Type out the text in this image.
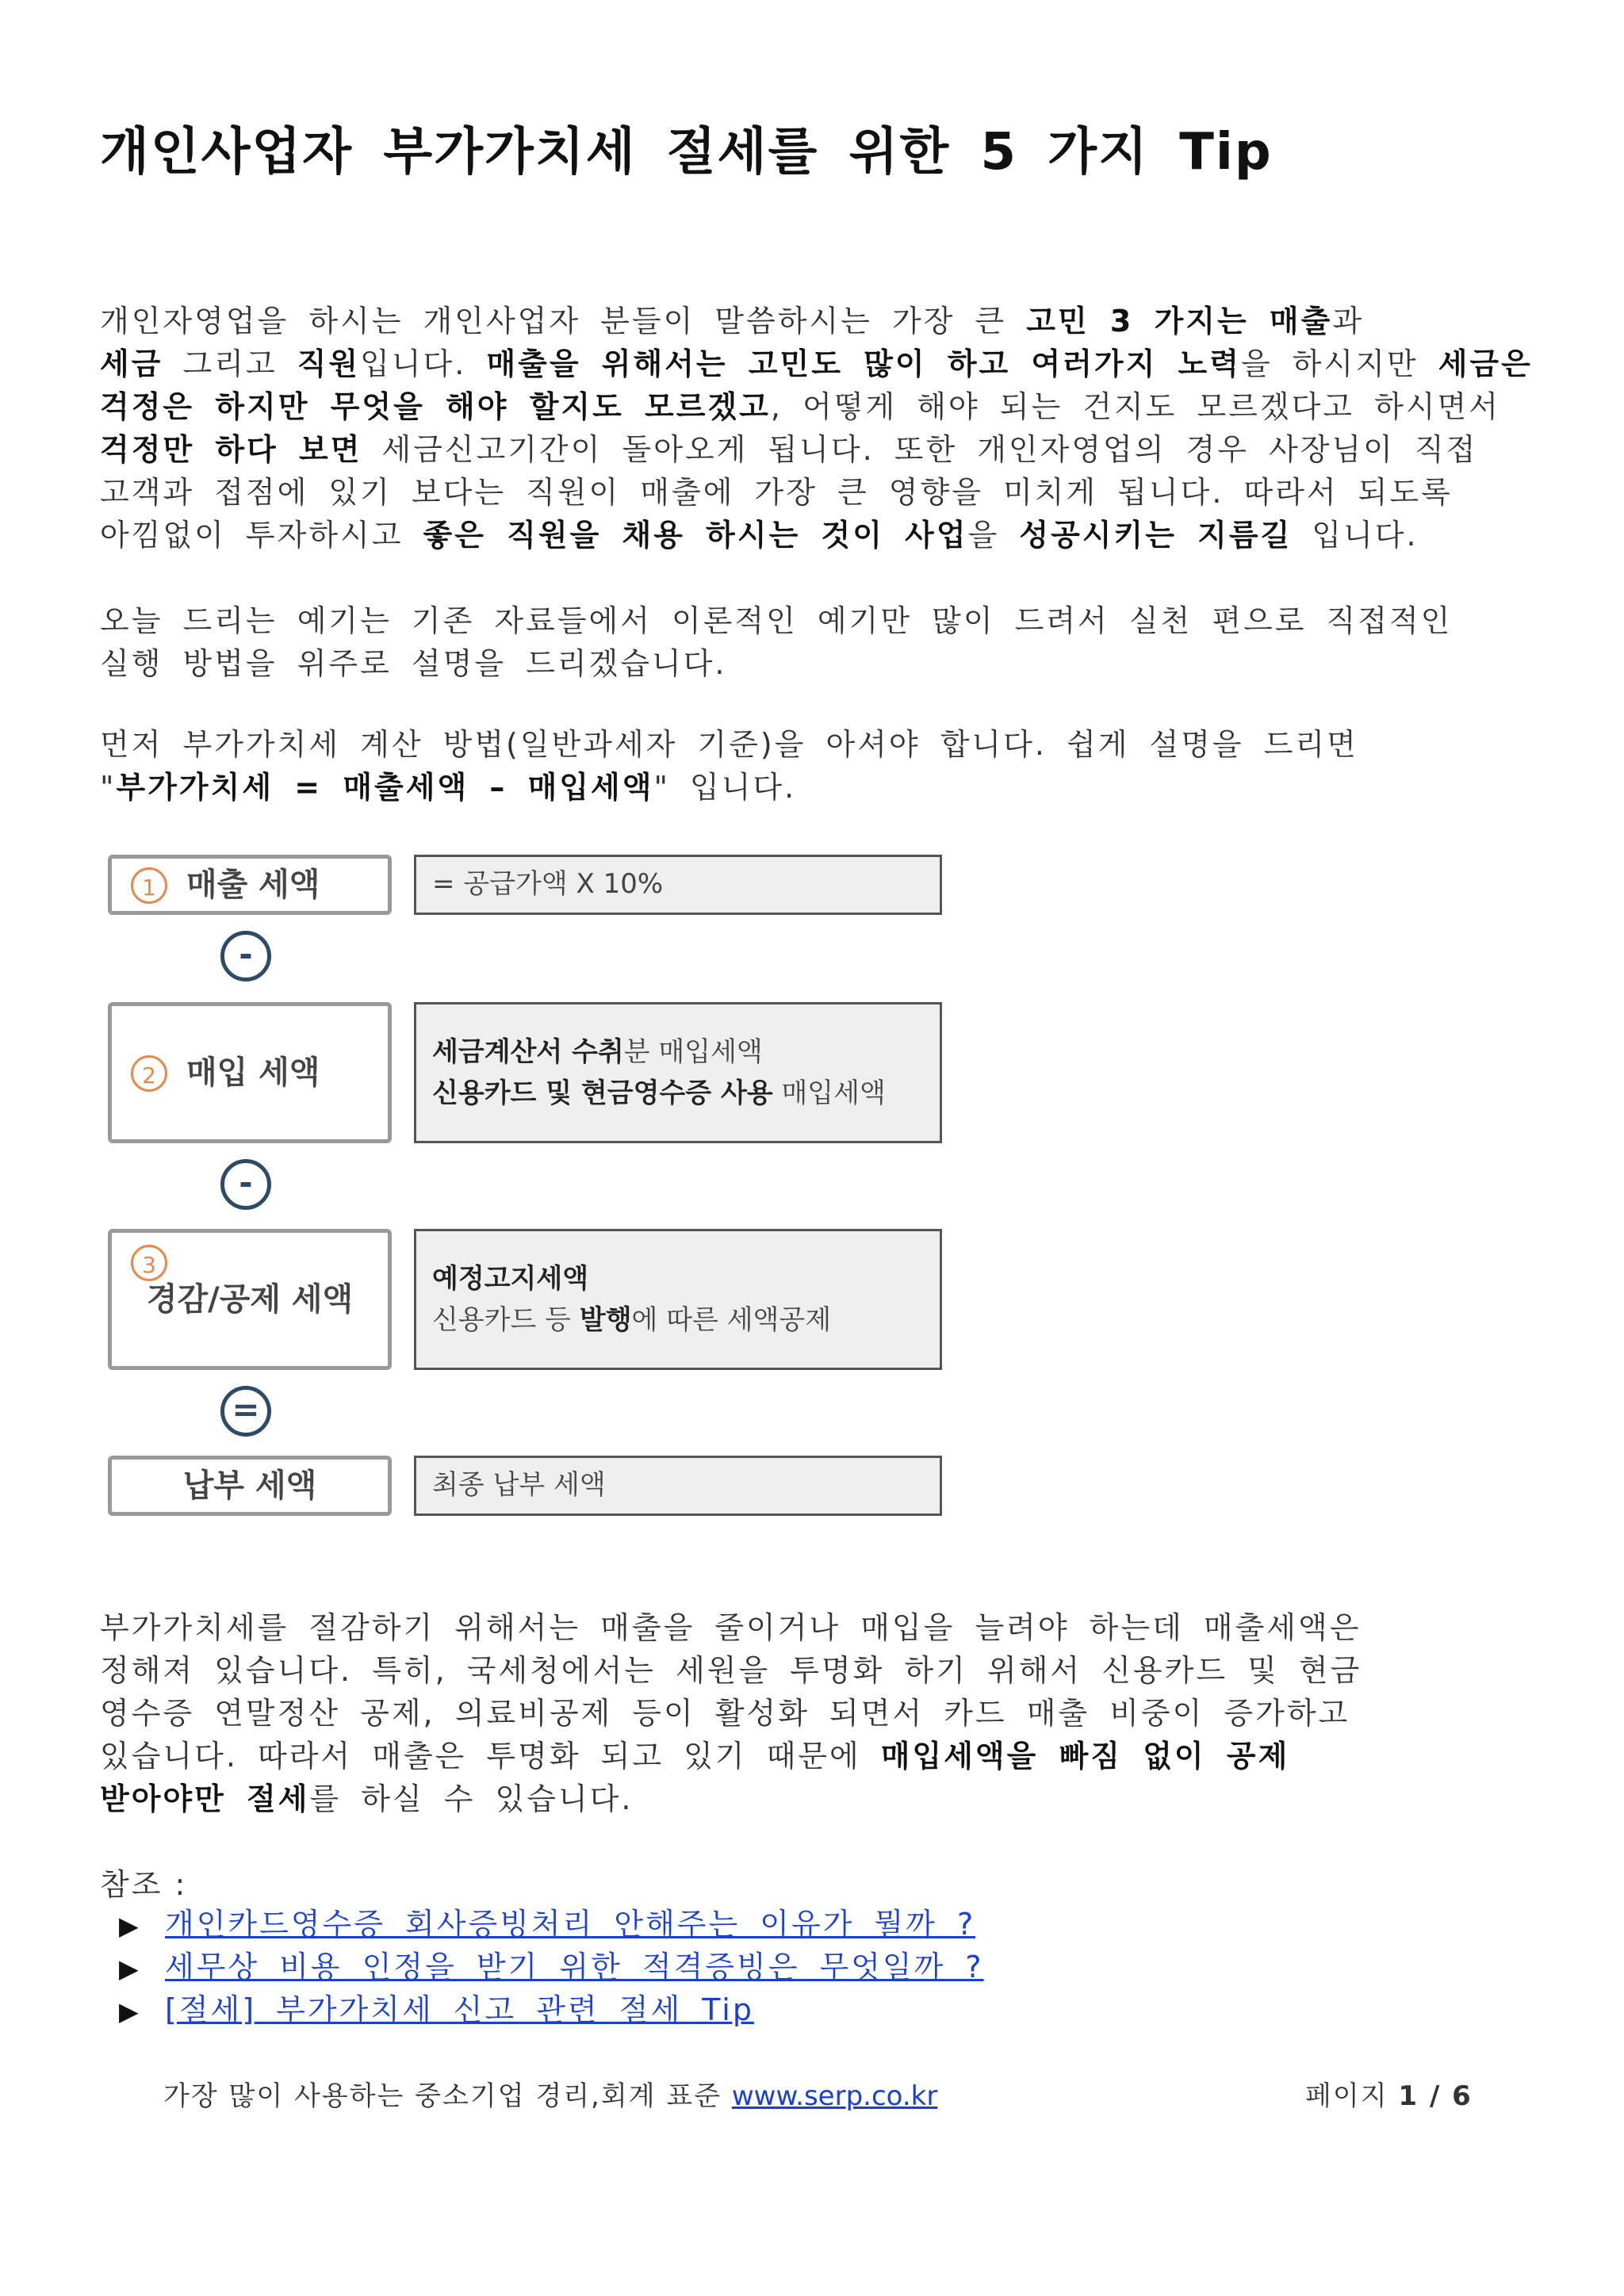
개인사업자 부가가치세 절세를 위한 5 가지 Tip
개인자영업을 하시는 개인사업자 분들이 말씀하시는 가장 큰 고민 3 가지는 매출과
세금 그리고 직원입니다. 매출을 위해서는 고민도 많이 하고 여러가지 노력을 하시지만 세금은
걱정은 하지만 무엇을 해야 할지도 모르겠고, 어떻게 해야 되는 건지도 모르겠다고 하시면서
걱정만 하다 보면 세금신고기간이 돌아오게 됩니다. 또한 개인자영업의 경우 사장님이 직접
고객과 접점에 있기 보다는 직원이 매출에 가장 큰 영향을 미치게 됩니다. 따라서 되도록
아낌없이 투자하시고 좋은 직원을 채용 하시는 것이 사업을 성공시키는 지름길 입니다.
오늘 드리는 예기는 기존 자료들에서 이론적인 예기만 많이 드려서 실천 편으로 직접적인
실행 방법을 위주로 설명을 드리겠습니다.
먼저 부가가치세 계산 방법(일반과세자 기준)을 아셔야 합니다. 쉽게 설명을 드리면
"부가가치세 = 매출세액 – 매입세액" 입니다.
1 매출 세액	= 공급가액 X 10%
-
2 매입 세액
세금계산서 수취분 매입세액
신용카드 및 현금영수증 사용 매입세액
-
3
경감/공제 세액
예정고지세액
신용카드 등 발행에 따른 세액공제
=
납부 세액	최종 납부 세액
부가가치세를 절감하기 위해서는 매출을 줄이거나 매입을 늘려야 하는데 매출세액은
정해져 있습니다. 특히, 국세청에서는 세원을 투명화 하기 위해서 신용카드 및 현금
영수증 연말정산 공제, 의료비공제 등이 활성화 되면서 카드 매출 비중이 증가하고
있습니다. 따라서 매출은 투명화 되고 있기 때문에 매입세액을 빠짐 없이 공제
받아야만 절세를 하실 수 있습니다.
참조 :
▶ 개인카드영수증 회사증빙처리 안해주는 이유가 뭘까 ?
▶ 세무상 비용 인정을 받기 위한 적격증빙은 무엇일까 ?
▶ [절세] 부가가치세 신고 관련 절세 Tip
가장 많이 사용하는 중소기업 경리,회계 표준 www.serp.co.kr	페이지 1 / 6
